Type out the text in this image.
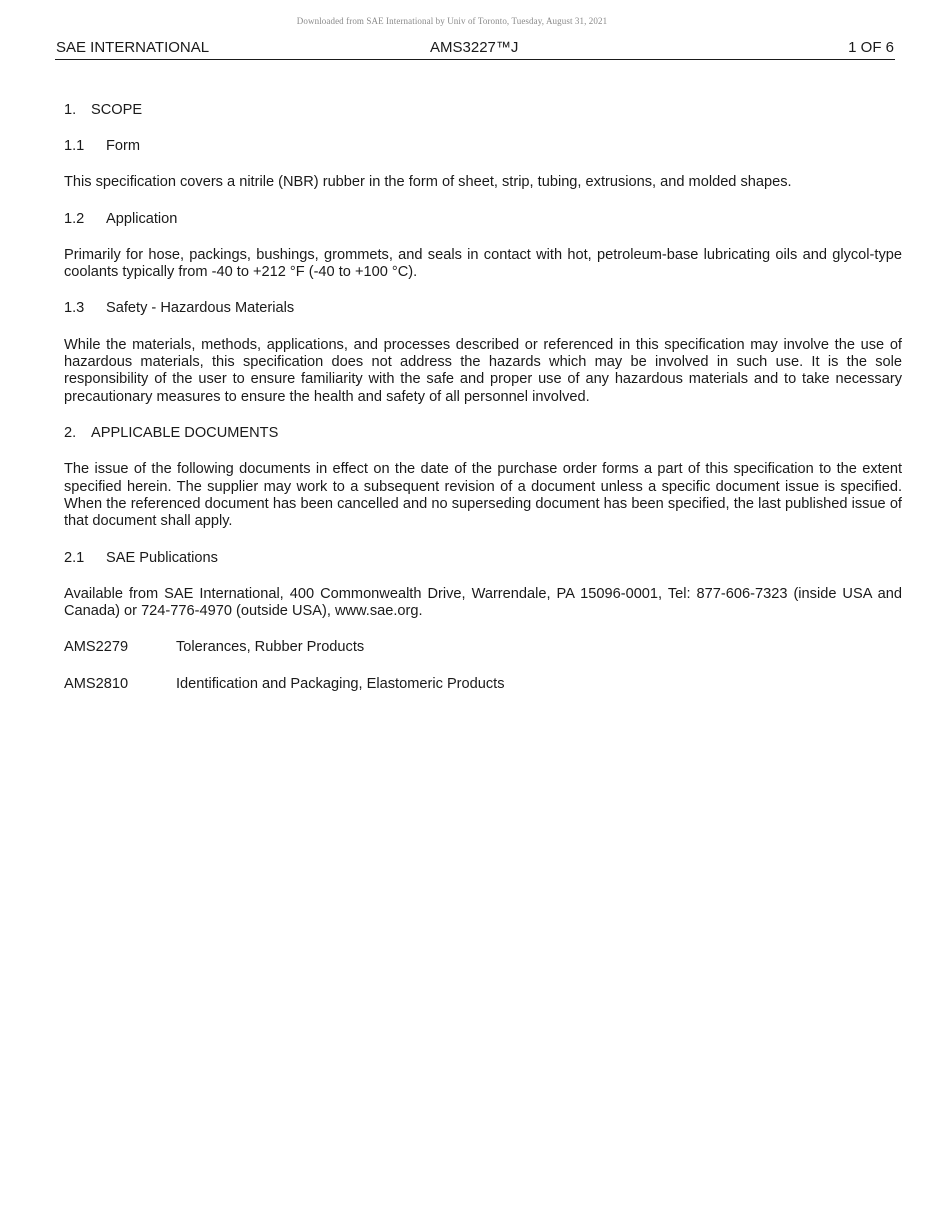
Downloaded from SAE International by Univ of Toronto, Tuesday, August 31, 2021
SAE INTERNATIONAL	AMS3227™J	1 OF 6
1. SCOPE
1.1 Form

This specification covers a nitrile (NBR) rubber in the form of sheet, strip, tubing, extrusions, and molded shapes.

1.2 Application

Primarily for hose, packings, bushings, grommets, and seals in contact with hot, petroleum-base lubricating oils and glycol-type coolants typically from -40 to +212 °F (-40 to +100 °C).

1.3 Safety - Hazardous Materials

While the materials, methods, applications, and processes described or referenced in this specification may involve the use of hazardous materials, this specification does not address the hazards which may be involved in such use. It is the sole responsibility of the user to ensure familiarity with the safe and proper use of any hazardous materials and to take necessary precautionary measures to ensure the health and safety of all personnel involved.

2. APPLICABLE DOCUMENTS

The issue of the following documents in effect on the date of the purchase order forms a part of this specification to the extent specified herein. The supplier may work to a subsequent revision of a document unless a specific document issue is specified. When the referenced document has been cancelled and no superseding document has been specified, the last published issue of that document shall apply.

2.1 SAE Publications

Available from SAE International, 400 Commonwealth Drive, Warrendale, PA 15096-0001, Tel: 877-606-7323 (inside USA and Canada) or 724-776-4970 (outside USA), www.sae.org.

AMS2279	Tolerances, Rubber Products
AMS2810	Identification and Packaging, Elastomeric Products
